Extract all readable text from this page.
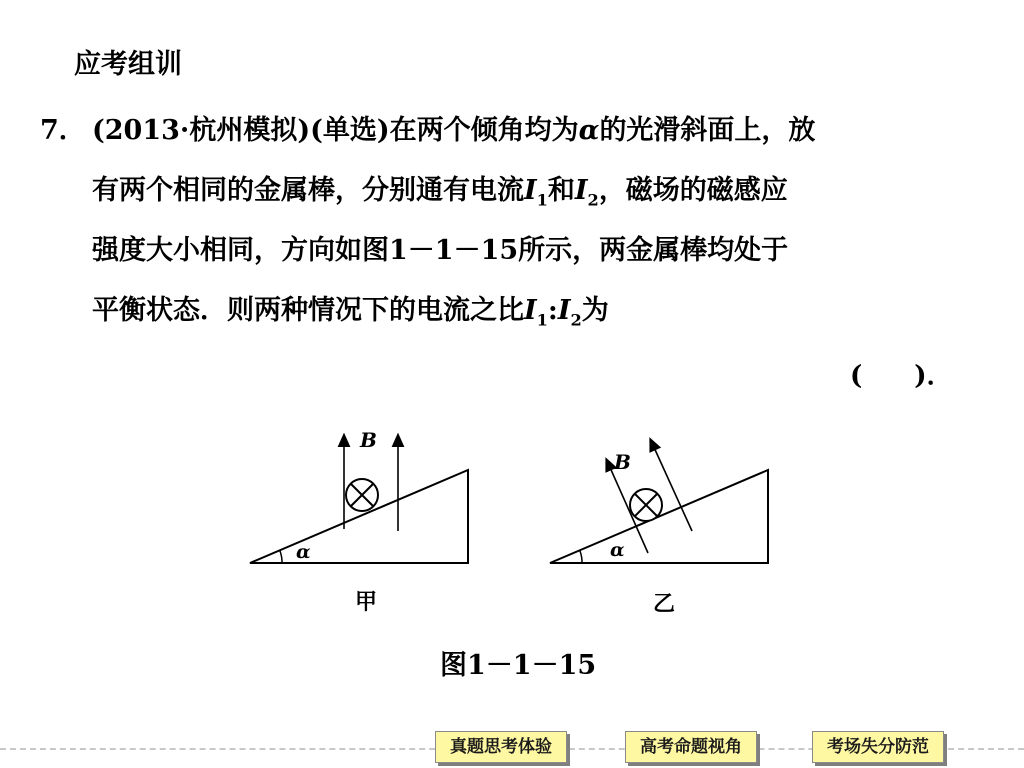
应考组训
7． (2013·杭州模拟)(单选)在两个倾角均为α的光滑斜面上，放
有两个相同的金属棒，分别通有电流$I_1$和$I_2$，磁场的磁感应
强度大小相同，方向如图1－1－15所示，两金属棒均处于
平衡状态．则两种情况下的电流之比$I_1:I_2$为
(　　)．
α
B
α
B
甲	乙
图1－1－15
真题思考体验	高考命题视角	考场失分防范
